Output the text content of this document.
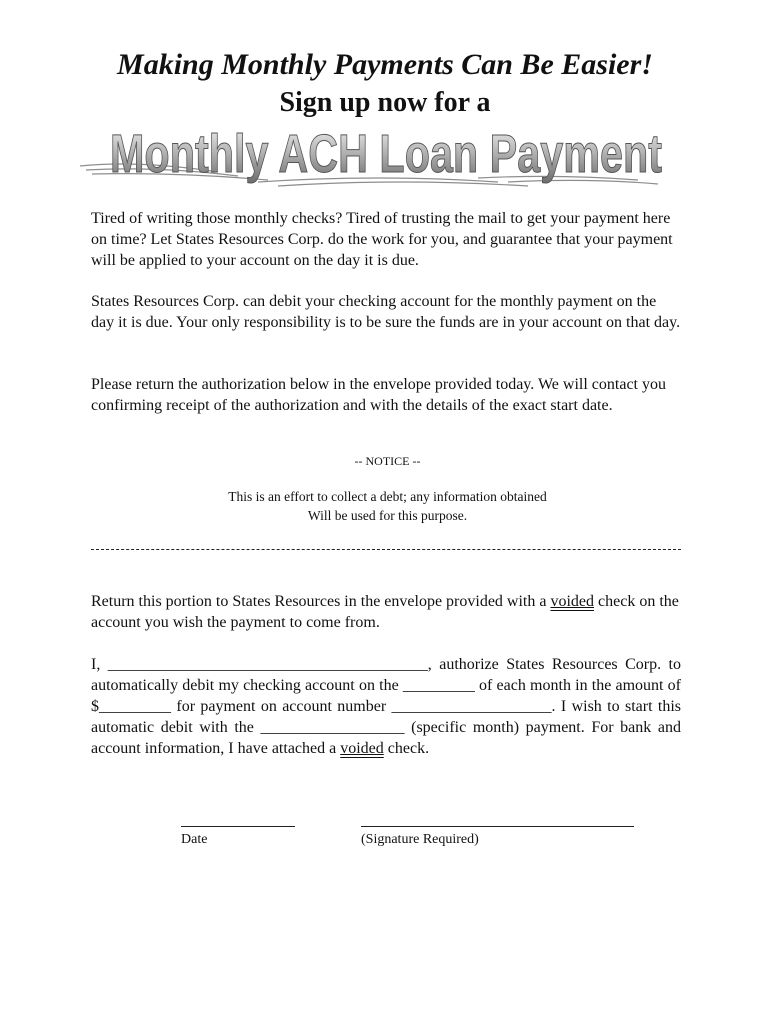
Making Monthly Payments Can Be Easier!
Sign up now for a
Monthly ACH Loan Payment

Tired of writing those monthly checks? Tired of trusting the mail to get your payment here on time? Let States Resources Corp. do the work for you, and guarantee that your payment will be applied to your account on the day it is due.

States Resources Corp. can debit your checking account for the monthly payment on the day it is due. Your only responsibility is to be sure the funds are in your account on that day.

Please return the authorization below in the envelope provided today. We will contact you confirming receipt of the authorization and with the details of the exact start date.

-- NOTICE --
This is an effort to collect a debt; any information obtained
Will be used for this purpose.

Return this portion to States Resources in the envelope provided with a voided check on the account you wish the payment to come from.

I, ________________________________________, authorize States Resources Corp. to automatically debit my checking account on the _________ of each month in the amount of $_________ for payment on account number ____________________. I wish to start this automatic debit with the __________________ (specific month) payment. For bank and account information, I have attached a voided check.

Date	(Signature Required)
